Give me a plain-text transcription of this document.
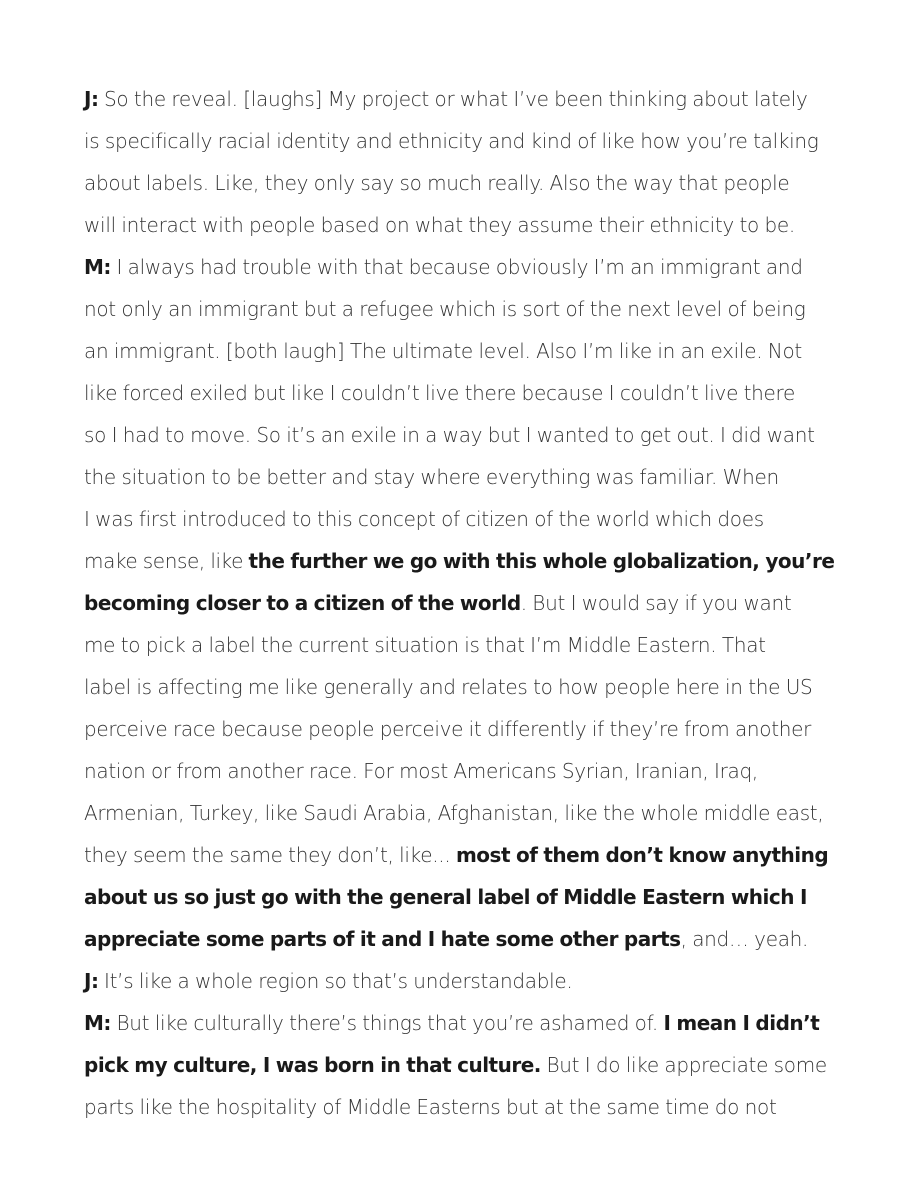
J: So the reveal. [laughs] My project or what I’ve been thinking about lately
is specifically racial identity and ethnicity and kind of like how you’re talking
about labels. Like, they only say so much really. Also the way that people
will interact with people based on what they assume their ethnicity to be.
M: I always had trouble with that because obviously I’m an immigrant and
not only an immigrant but a refugee which is sort of the next level of being
an immigrant. [both laugh] The ultimate level. Also I’m like in an exile. Not
like forced exiled but like I couldn’t live there because I couldn’t live there
so I had to move. So it’s an exile in a way but I wanted to get out. I did want
the situation to be better and stay where everything was familiar. When
I was first introduced to this concept of citizen of the world which does
make sense, like the further we go with this whole globalization, you’re
becoming closer to a citizen of the world. But I would say if you want
me to pick a label the current situation is that I’m Middle Eastern. That
label is affecting me like generally and relates to how people here in the US
perceive race because people perceive it differently if they’re from another
nation or from another race. For most Americans Syrian, Iranian, Iraq,
Armenian, Turkey, like Saudi Arabia, Afghanistan, like the whole middle east,
they seem the same they don’t, like... most of them don’t know anything
about us so just go with the general label of Middle Eastern which I
appreciate some parts of it and I hate some other parts, and… yeah.
J: It’s like a whole region so that’s understandable.
M: But like culturally there’s things that you’re ashamed of. I mean I didn’t
pick my culture, I was born in that culture. But I do like appreciate some
parts like the hospitality of Middle Easterns but at the same time do not
